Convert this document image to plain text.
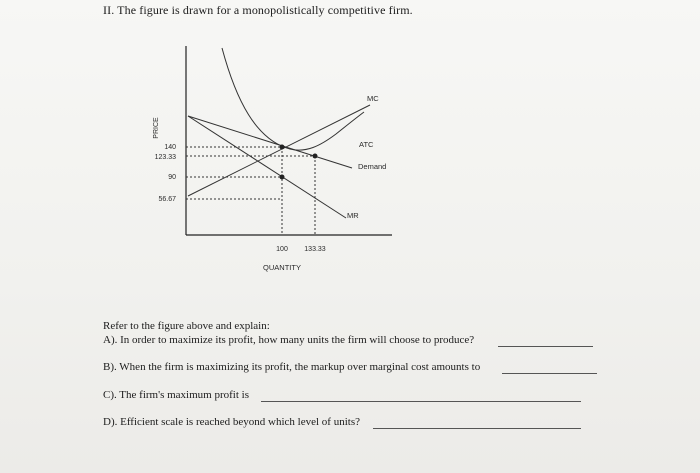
II. The figure is drawn for a monopolistically competitive firm.
PRICE
140
123.33
90
56.67
100 133.33
QUANTITY
MC
ATC
Demand
MR
Refer to the figure above and explain:
A). In order to maximize its profit, how many units the firm will choose to produce?
B). When the firm is maximizing its profit, the markup over marginal cost amounts to
C). The firm's maximum profit is
D). Efficient scale is reached beyond which level of units?
